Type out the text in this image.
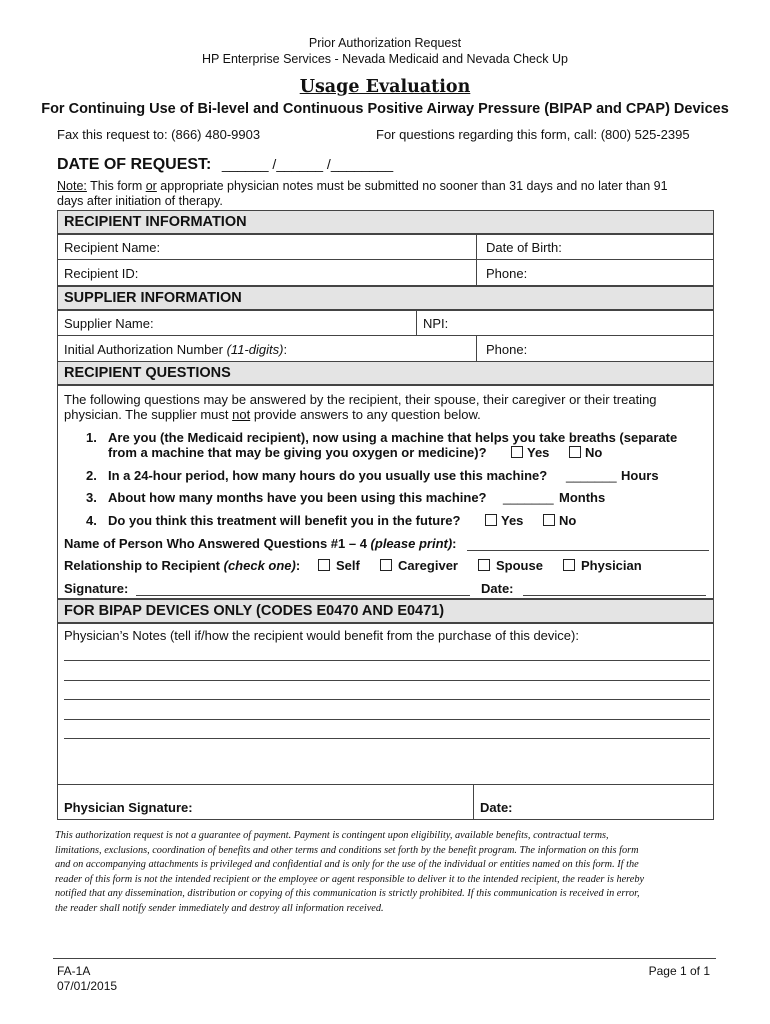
Prior Authorization Request
HP Enterprise Services - Nevada Medicaid and Nevada Check Up
Usage Evaluation
For Continuing Use of Bi-level and Continuous Positive Airway Pressure (BIPAP and CPAP) Devices
Fax this request to: (866) 480-9903	For questions regarding this form, call: (800) 525-2395
DATE OF REQUEST: ______ /______ /________
Note: This form or appropriate physician notes must be submitted no sooner than 31 days and no later than 91
days after initiation of therapy.
RECIPIENT INFORMATION
Recipient Name:	Date of Birth:
Recipient ID:	Phone:
SUPPLIER INFORMATION
Supplier Name:	NPI:
Initial Authorization Number (11-digits):	Phone:
RECIPIENT QUESTIONS
The following questions may be answered by the recipient, their spouse, their caregiver or their treating
physician. The supplier must not provide answers to any question below.
1. Are you (the Medicaid recipient), now using a machine that helps you take breaths (separate
from a machine that may be giving you oxygen or medicine)?	Yes	No
2. In a 24-hour period, how many hours do you usually use this machine? _______ Hours
3. About how many months have you been using this machine? _______ Months
4. Do you think this treatment will benefit you in the future?	Yes	No
Name of Person Who Answered Questions #1 – 4 (please print):
Relationship to Recipient (check one):	Self	Caregiver	Spouse	Physician
Signature:	Date:
FOR BIPAP DEVICES ONLY (CODES E0470 AND E0471)
Physician’s Notes (tell if/how the recipient would benefit from the purchase of this device):
Physician Signature:	Date:
This authorization request is not a guarantee of payment. Payment is contingent upon eligibility, available benefits, contractual terms,
limitations, exclusions, coordination of benefits and other terms and conditions set forth by the benefit program. The information on this form
and on accompanying attachments is privileged and confidential and is only for the use of the individual or entities named on this form. If the
reader of this form is not the intended recipient or the employee or agent responsible to deliver it to the intended recipient, the reader is hereby
notified that any dissemination, distribution or copying of this communication is strictly prohibited. If this communication is received in error,
the reader shall notify sender immediately and destroy all information received.
FA-1A
07/01/2015
Page 1 of 1
